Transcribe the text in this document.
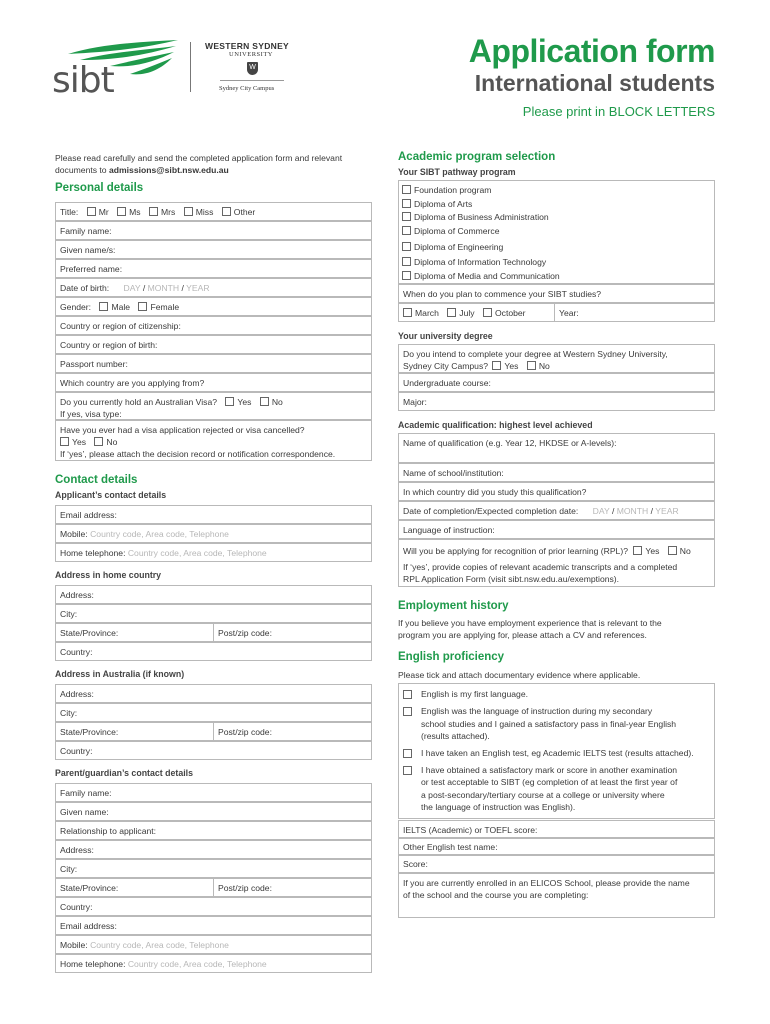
sibt
WESTERN SYDNEY
UNIVERSITY
W
Sydney City Campus
Application form
International students
Please print in BLOCK LETTERS
Please read carefully and send the completed application form and relevant
documents to admissions@sibt.nsw.edu.au
Personal details
Title: Mr Ms Mrs Miss Other
Family name:
Given name/s:
Preferred name:
Date of birth: DAY / MONTH / YEAR
Gender: Male Female
Country or region of citizenship:
Country or region of birth:
Passport number:
Which country are you applying from?
Do you currently hold an Australian Visa? Yes No
If yes, visa type:
Have you ever had a visa application rejected or visa cancelled?
Yes No
If ‘yes’, please attach the decision record or notification correspondence.
Contact details
Applicant’s contact details
Email address:
Mobile: Country code, Area code, Telephone
Home telephone: Country code, Area code, Telephone
Address in home country
Address:
City:
State/Province:	Post/zip code:
Country:
Address in Australia (if known)
Address:
City:
State/Province:	Post/zip code:
Country:
Parent/guardian’s contact details
Family name:
Given name:
Relationship to applicant:
Address:
City:
State/Province:	Post/zip code:
Country:
Email address:
Mobile: Country code, Area code, Telephone
Home telephone: Country code, Area code, Telephone
Academic program selection
Your SIBT pathway program
Foundation program
Diploma of Arts
Diploma of Business Administration
Diploma of Commerce
Diploma of Engineering
Diploma of Information Technology
Diploma of Media and Communication
When do you plan to commence your SIBT studies?
March July October	Year:
Your university degree
Do you intend to complete your degree at Western Sydney University,
Sydney City Campus? Yes No
Undergraduate course:
Major:
Academic qualification: highest level achieved
Name of qualification (e.g. Year 12, HKDSE or A-levels):
Name of school/institution:
In which country did you study this qualification?
Date of completion/Expected completion date: DAY / MONTH / YEAR
Language of instruction:
Will you be applying for recognition of prior learning (RPL)? Yes No
If ‘yes’, provide copies of relevant academic transcripts and a completed
RPL Application Form (visit sibt.nsw.edu.au/exemptions).
Employment history
If you believe you have employment experience that is relevant to the
program you are applying for, please attach a CV and references.
English proficiency
Please tick and attach documentary evidence where applicable.
English is my first language.
English was the language of instruction during my secondary
school studies and I gained a satisfactory pass in final-year English
(results attached).
I have taken an English test, eg Academic IELTS test (results attached).
I have obtained a satisfactory mark or score in another examination
or test acceptable to SIBT (eg completion of at least the first year of
a post-secondary/tertiary course at a college or university where
the language of instruction was English).
IELTS (Academic) or TOEFL score:
Other English test name:
Score:
If you are currently enrolled in an ELICOS School, please provide the name
of the school and the course you are completing:
